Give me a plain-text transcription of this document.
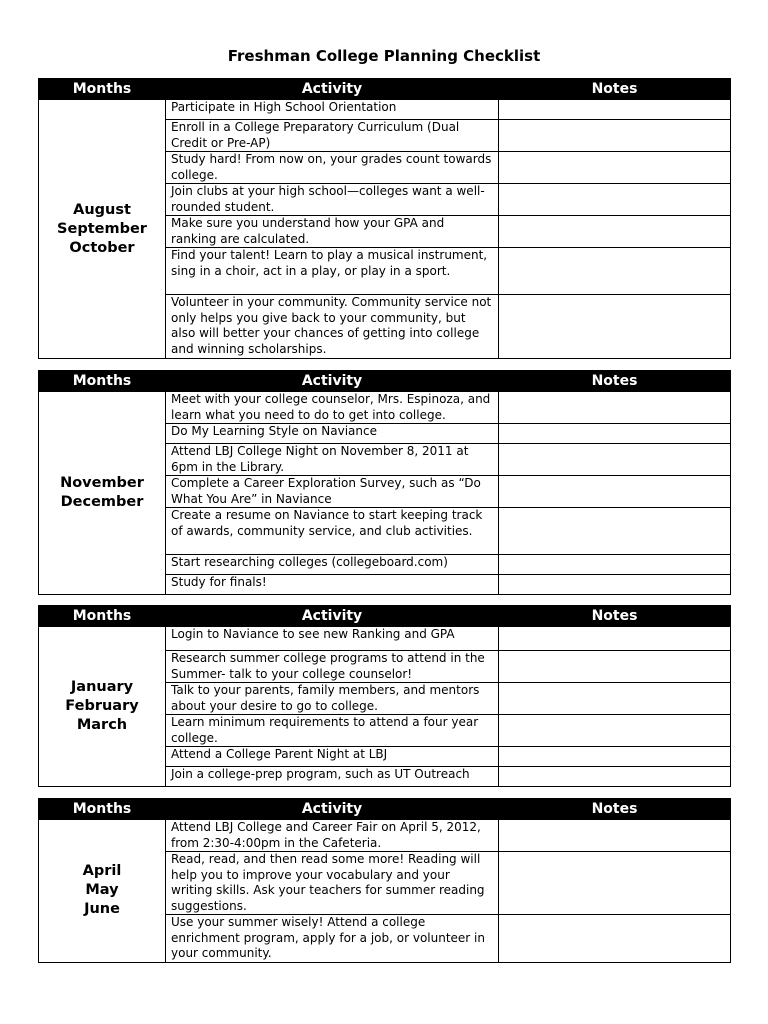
Freshman College Planning Checklist
Months	Activity	Notes

August
September
October	Participate in High School Orientation	
	Enroll in a College Preparatory Curriculum (Dual Credit or Pre-AP)	
	Study hard! From now on, your grades count towards college.	
	Join clubs at your high school—colleges want a well-rounded student.	
	Make sure you understand how your GPA and ranking are calculated.	
	Find your talent! Learn to play a musical instrument, sing in a choir, act in a play, or play in a sport.	
	Volunteer in your community. Community service not only helps you give back to your community, but also will better your chances of getting into college and winning scholarships.	
Months	Activity	Notes

November
December	Meet with your college counselor, Mrs. Espinoza, and learn what you need to do to get into college.	
	Do My Learning Style on Naviance	
	Attend LBJ College Night on November 8, 2011 at 6pm in the Library.	
	Complete a Career Exploration Survey, such as “Do What You Are” in Naviance	
	Create a resume on Naviance to start keeping track of awards, community service, and club activities.	
	Start researching colleges (collegeboard.com)	
	Study for finals!	
Months	Activity	Notes

January
February
March	Login to Naviance to see new Ranking and GPA	
	Research summer college programs to attend in the Summer- talk to your college counselor!	
	Talk to your parents, family members, and mentors about your desire to go to college.	
	Learn minimum requirements to attend a four year college.	
	Attend a College Parent Night at LBJ	
	Join a college-prep program, such as UT Outreach	
Months	Activity	Notes

April
May
June	Attend LBJ College and Career Fair on April 5, 2012, from 2:30-4:00pm in the Cafeteria.	
	Read, read, and then read some more! Reading will help you to improve your vocabulary and your writing skills. Ask your teachers for summer reading suggestions.	
	Use your summer wisely! Attend a college enrichment program, apply for a job, or volunteer in your community.	
